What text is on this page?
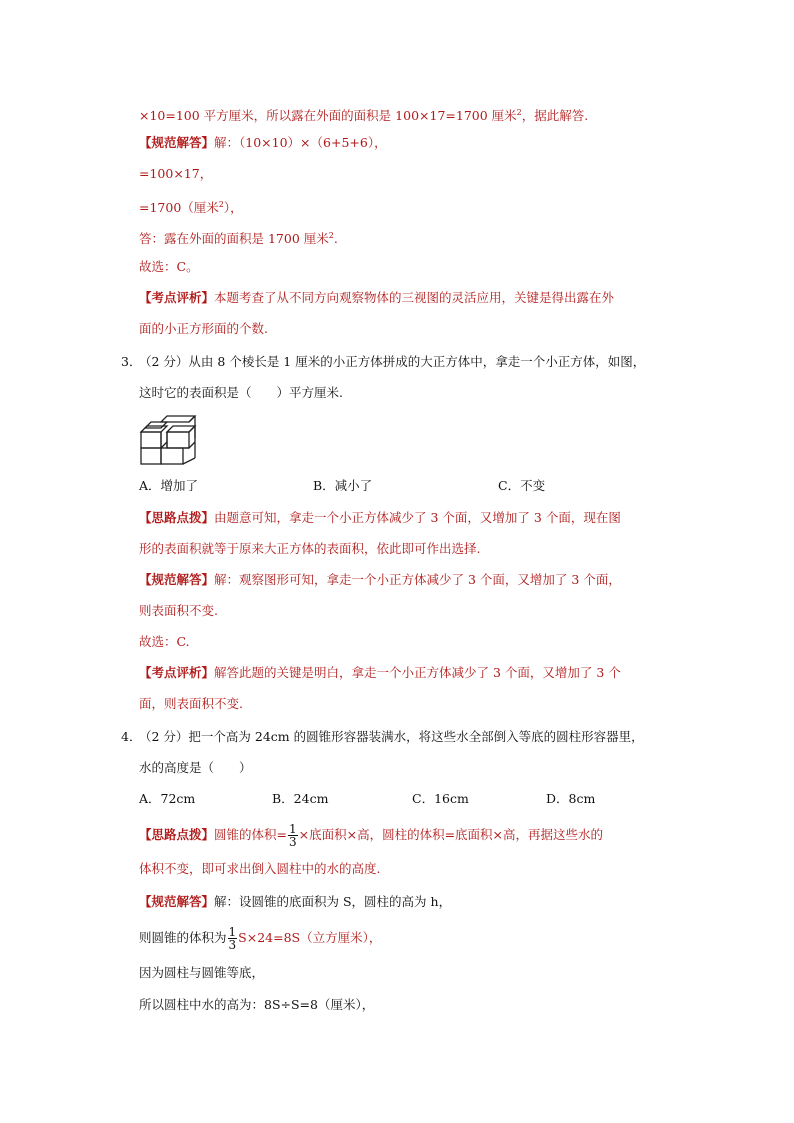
×10=100 平方厘米，所以露在外面的面积是 100×17=1700 厘米$^2$，据此解答.
【规范解答】解：（10×10）×（6+5+6），
=100×17，
=1700（厘米$^2$），
答：露在外面的面积是 1700 厘米$^2$.
故选：C。
【考点评析】本题考查了从不同方向观察物体的三视图的灵活应用，关键是得出露在外
面的小正方形面的个数.
3．
（2 分）从由 8 个棱长是 1 厘米的小正方体拼成的大正方体中，拿走一个小正方体，如图，
这时它的表面积是（　　）平方厘米.
A．增加了	B．减小了	C．不变
【思路点拨】由题意可知，拿走一个小正方体减少了 3 个面，又增加了 3 个面，现在图
形的表面积就等于原来大正方体的表面积，依此即可作出选择.
【规范解答】解：观察图形可知，拿走一个小正方体减少了 3 个面，又增加了 3 个面，
则表面积不变.
故选：C.
【考点评析】解答此题的关键是明白，拿走一个小正方体减少了 3 个面，又增加了 3 个
面，则表面积不变.
4．
（2 分）把一个高为 24cm 的圆锥形容器装满水，将这些水全部倒入等底的圆柱形容器里，
水的高度是（　　）
A．72cm	B．24cm	C．16cm	D．8cm
【思路点拨】圆锥的体积= $\frac{1}{3}$ ×底面积×高，圆柱的体积=底面积×高，再据这些水的
体积不变，即可求出倒入圆柱中的水的高度.
【规范解答】解：设圆锥的底面积为 S，圆柱的高为 h，
则圆锥的体积为 $\frac{1}{3} S\times 24=8S$（立方厘米），
因为圆柱与圆锥等底，
所以圆柱中水的高为：8S÷S=8（厘米），
